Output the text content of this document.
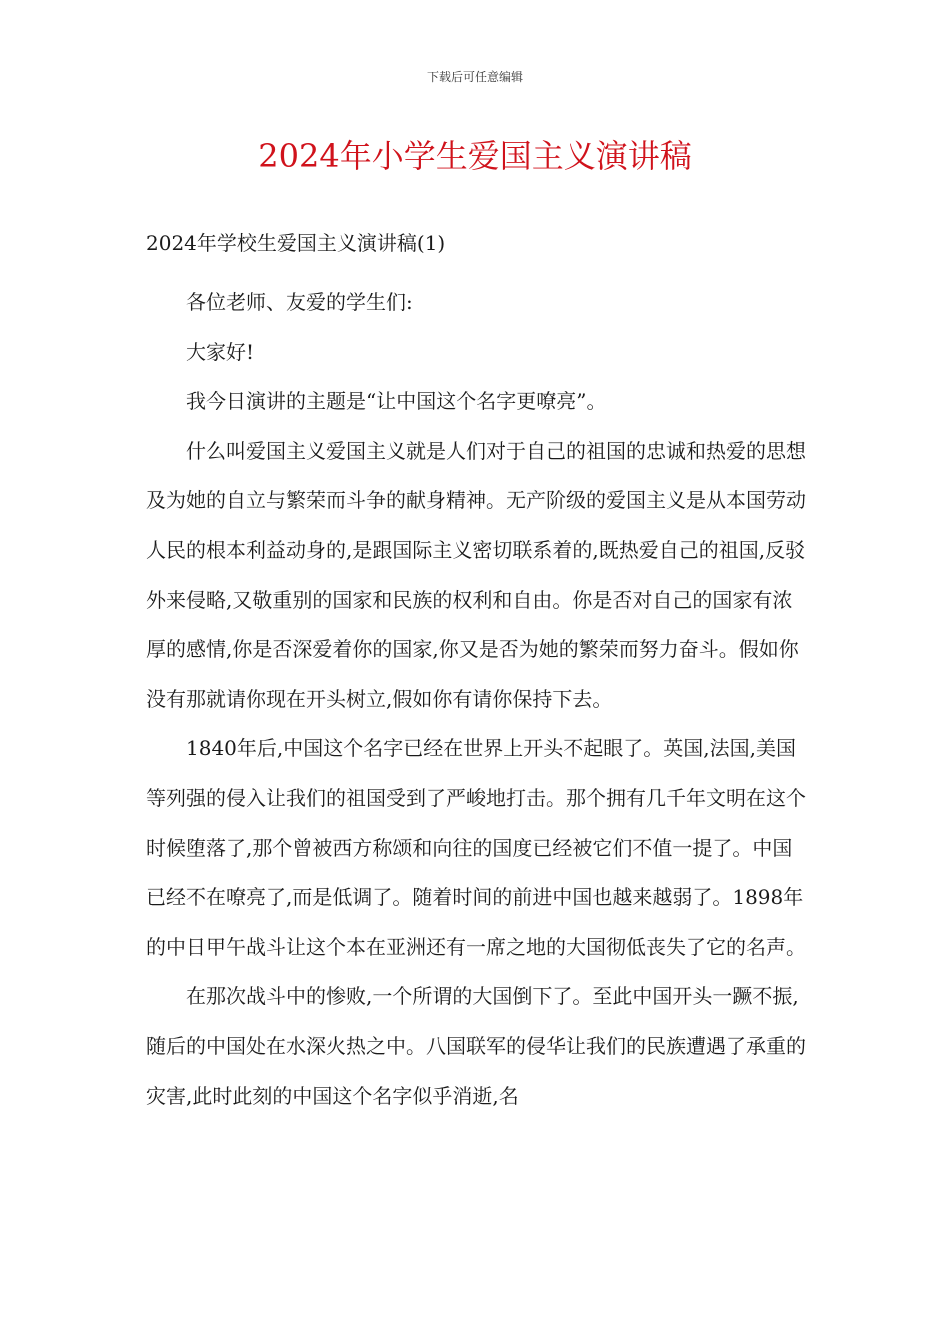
下载后可任意编辑
2024年小学生爱国主义演讲稿
2024年学校生爱国主义演讲稿(1)

各位老师、友爱的学生们:

大家好!

我今日演讲的主题是“让中国这个名字更嘹亮”。

什么叫爱国主义爱国主义就是人们对于自己的祖国的忠诚和热爱的思想及为她的自立与繁荣而斗争的献身精神。无产阶级的爱国主义是从本国劳动人民的根本利益动身的,是跟国际主义密切联系着的,既热爱自己的祖国,反驳外来侵略,又敬重别的国家和民族的权利和自由。你是否对自己的国家有浓厚的感情,你是否深爱着你的国家,你又是否为她的繁荣而努力奋斗。假如你没有那就请你现在开头树立,假如你有请你保持下去。

1840年后,中国这个名字已经在世界上开头不起眼了。英国,法国,美国等列强的侵入让我们的祖国受到了严峻地打击。那个拥有几千年文明在这个时候堕落了,那个曾被西方称颂和向往的国度已经被它们不值一提了。中国已经不在嘹亮了,而是低调了。随着时间的前进中国也越来越弱了。1898年的中日甲午战斗让这个本在亚洲还有一席之地的大国彻低丧失了它的名声。

在那次战斗中的惨败,一个所谓的大国倒下了。至此中国开头一蹶不振,随后的中国处在水深火热之中。八国联军的侵华让我们的民族遭遇了承重的灾害,此时此刻的中国这个名字似乎消逝,名
